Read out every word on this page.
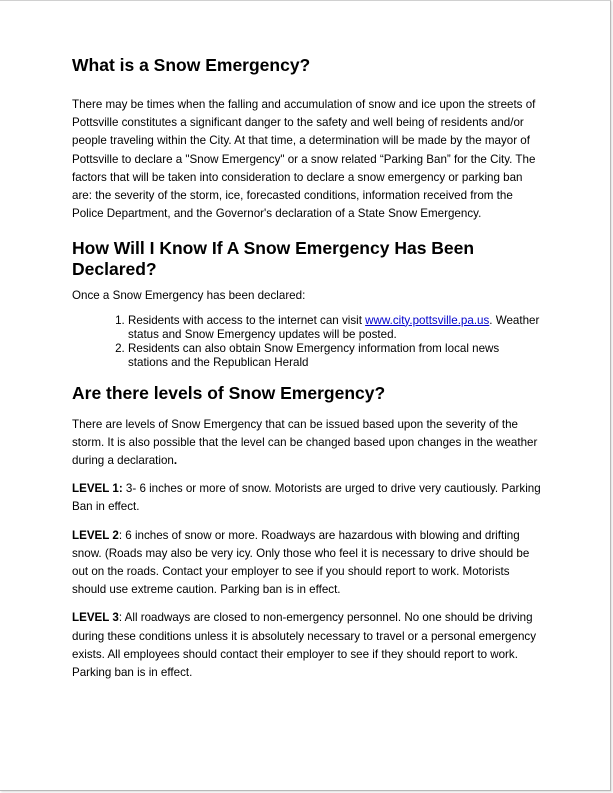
What is a Snow Emergency?

There may be times when the falling and accumulation of snow and ice upon the streets of Pottsville constitutes a significant danger to the safety and well being of residents and/or people traveling within the City. At that time, a determination will be made by the mayor of Pottsville to declare a "Snow Emergency" or a snow related “Parking Ban” for the City. The factors that will be taken into consideration to declare a snow emergency or parking ban are: the severity of the storm, ice, forecasted conditions, information received from the Police Department, and the Governor's declaration of a State Snow Emergency.

How Will I Know If A Snow Emergency Has Been Declared?

Once a Snow Emergency has been declared:

1. Residents with access to the internet can visit www.city.pottsville.pa.us. Weather status and Snow Emergency updates will be posted.
2. Residents can also obtain Snow Emergency information from local news stations and the Republican Herald
Are there levels of Snow Emergency?

There are levels of Snow Emergency that can be issued based upon the severity of the storm. It is also possible that the level can be changed based upon changes in the weather during a declaration.

LEVEL 1: 3- 6 inches or more of snow. Motorists are urged to drive very cautiously. Parking Ban in effect.

LEVEL 2: 6 inches of snow or more. Roadways are hazardous with blowing and drifting snow. (Roads may also be very icy. Only those who feel it is necessary to drive should be out on the roads. Contact your employer to see if you should report to work. Motorists should use extreme caution. Parking ban is in effect.

LEVEL 3: All roadways are closed to non-emergency personnel. No one should be driving during these conditions unless it is absolutely necessary to travel or a personal emergency exists. All employees should contact their employer to see if they should report to work. Parking ban is in effect.
